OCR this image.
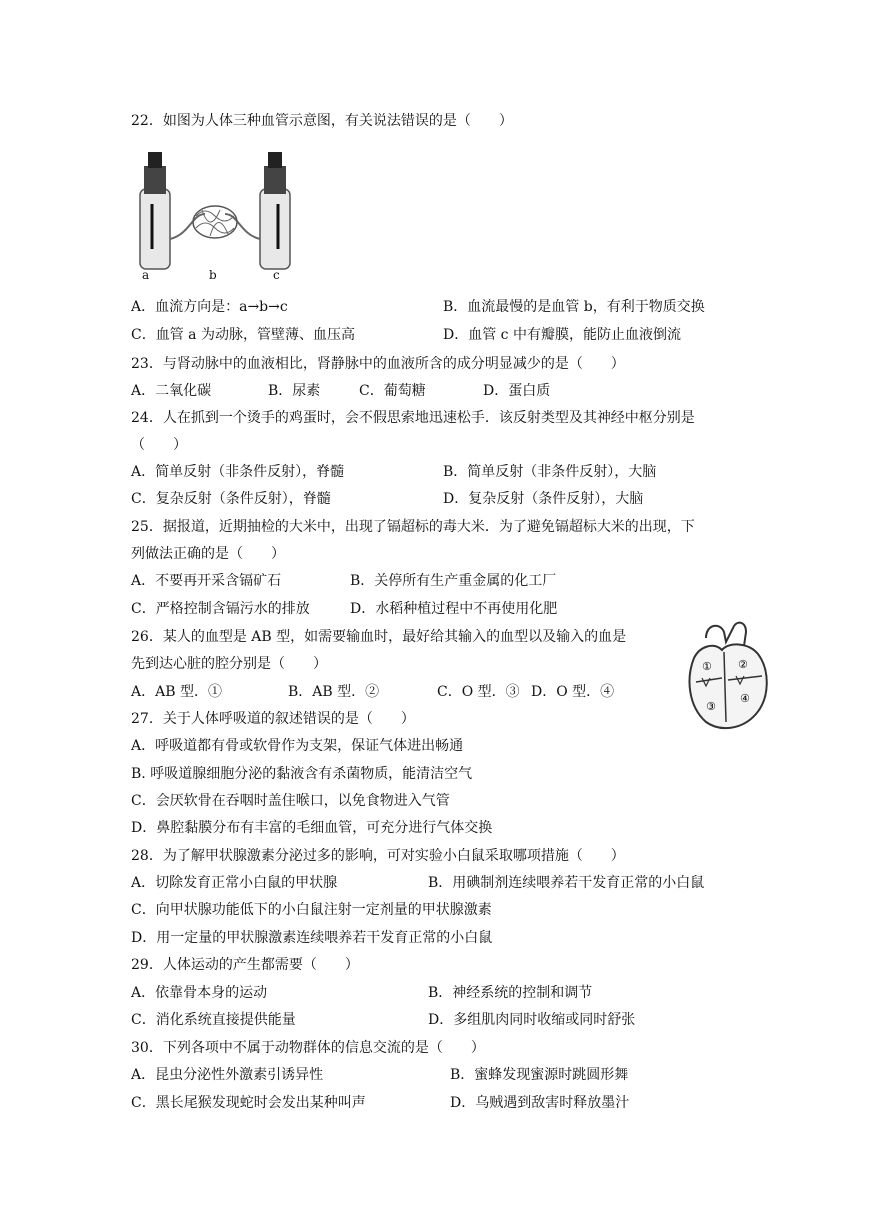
22．如图为人体三种血管示意图，有关说法错误的是（　　）
a	b	c
A．血流方向是：a→b→c	B．血流最慢的是血管 b，有利于物质交换
C．血管 a 为动脉，管壁薄、血压高	D．血管 c 中有瓣膜，能防止血液倒流
23．与肾动脉中的血液相比，肾静脉中的血液所含的成分明显减少的是（　　）
A．二氧化碳	B．尿素	C．葡萄糖	D．蛋白质
24．人在抓到一个烫手的鸡蛋时，会不假思索地迅速松手．该反射类型及其神经中枢分别是
（　　）
A．简单反射（非条件反射），脊髓	B．简单反射（非条件反射），大脑
C．复杂反射（条件反射），脊髓	D．复杂反射（条件反射），大脑
25．据报道，近期抽检的大米中，出现了镉超标的毒大米．为了避免镉超标大米的出现，下
列做法正确的是（　　）
A．不要再开采含镉矿石	B．关停所有生产重金属的化工厂
C．严格控制含镉污水的排放	D．水稻种植过程中不再使用化肥
26．某人的血型是 AB 型，如需要输血时，最好给其输入的血型以及输入的血是
先到达心脏的腔分别是（　　）
A．AB 型．①	B．AB 型．②	C．O 型．③ D．O 型．④
① ②
③
④
27．关于人体呼吸道的叙述错误的是（　　）
A．呼吸道都有骨或软骨作为支架，保证气体进出畅通
B. 呼吸道腺细胞分泌的黏液含有杀菌物质，能清洁空气
C．会厌软骨在吞咽时盖住喉口，以免食物进入气管
D．鼻腔黏膜分布有丰富的毛细血管，可充分进行气体交换
28．为了解甲状腺激素分泌过多的影响，可对实验小白鼠采取哪项措施（　　）
A．切除发育正常小白鼠的甲状腺	B．用碘制剂连续喂养若干发育正常的小白鼠
C．向甲状腺功能低下的小白鼠注射一定剂量的甲状腺激素
D．用一定量的甲状腺激素连续喂养若干发育正常的小白鼠
29．人体运动的产生都需要（　　）
A．依靠骨本身的运动	B．神经系统的控制和调节
C．消化系统直接提供能量	D．多组肌肉同时收缩或同时舒张
30．下列各项中不属于动物群体的信息交流的是（　　）
A．昆虫分泌性外激素引诱异性	B．蜜蜂发现蜜源时跳圆形舞
C．黑长尾猴发现蛇时会发出某种叫声	D．乌贼遇到敌害时释放墨汁
